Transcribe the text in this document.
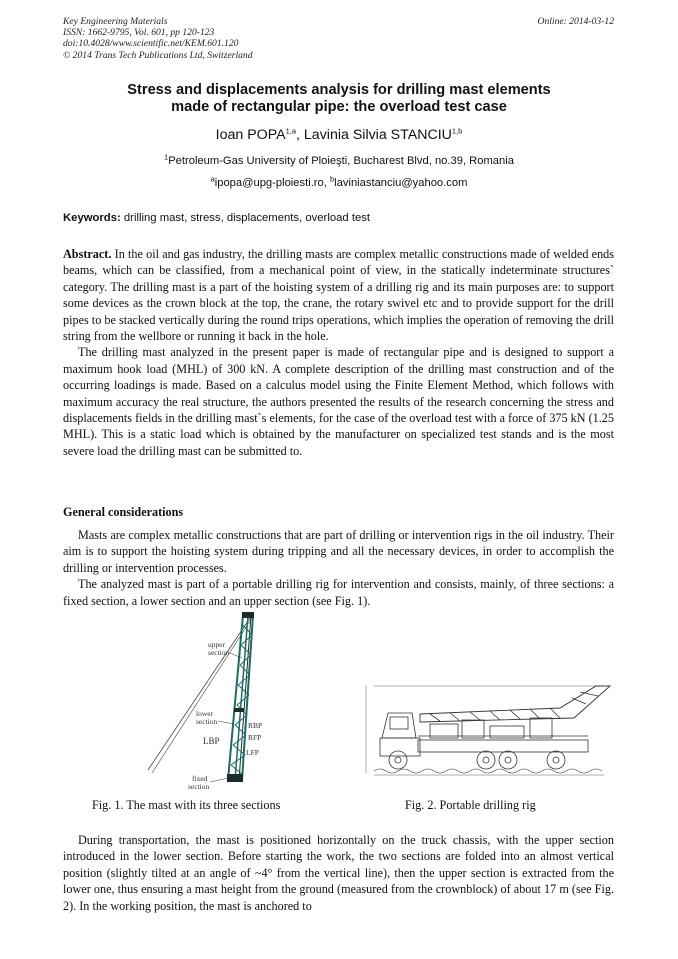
Key Engineering Materials
ISSN: 1662-9795, Vol. 601, pp 120-123
doi:10.4028/www.scientific.net/KEM.601.120
© 2014 Trans Tech Publications Ltd, Switzerland
Online: 2014-03-12
Stress and displacements analysis for drilling mast elements
made of rectangular pipe: the overload test case
Ioan POPA$^{1,a}$, Lavinia Silvia STANCIU$^{1,b}$
$^1$Petroleum-Gas University of Ploieşti, Bucharest Blvd, no.39, Romania
$^a$ipopa@upg-ploiesti.ro, $^b$laviniastanciu@yahoo.com
Keywords: drilling mast, stress, displacements, overload test

Abstract. In the oil and gas industry, the drilling masts are complex metallic constructions made of welded ends beams, which can be classified, from a mechanical point of view, in the statically indeterminate structures` category. The drilling mast is a part of the hoisting system of a drilling rig and its main purposes are: to support some devices as the crown block at the top, the crane, the rotary swivel etc and to provide support for the drill pipes to be stacked vertically during the round trips operations, which implies the operation of removing the drill string from the wellbore or running it back in the hole.

The drilling mast analyzed in the present paper is made of rectangular pipe and is designed to support a maximum hook load (MHL) of 300 kN. A complete description of the drilling mast construction and of the occurring loadings is made. Based on a calculus model using the Finite Element Method, which follows with maximum accuracy the real structure, the authors presented the results of the research concerning the stress and displacements fields in the drilling mast`s elements, for the case of the overload test with a force of 375 kN (1.25 MHL). This is a static load which is obtained by the manufacturer on specialized test stands and is the most severe load the drilling mast can be submitted to.

General considerations

Masts are complex metallic constructions that are part of drilling or intervention rigs in the oil industry. Their aim is to support the hoisting system during tripping and all the necessary devices, in order to accomplish the drilling or intervention processes.

The analyzed mast is part of a portable drilling rig for intervention and consists, mainly, of three sections: a fixed section, a lower section and an upper section (see Fig. 1).

upper
section
lower
section	RBP
RFP
LBP
LFP
fixed
section
Fig. 1. The mast with its three sections	Fig. 2. Portable drilling rig

During transportation, the mast is positioned horizontally on the truck chassis, with the upper section introduced in the lower section. Before starting the work, the two sections are folded into an almost vertical position (slightly tilted at an angle of ~4° from the vertical line), then the upper section is extracted from the lower one, thus ensuring a mast height from the ground (measured from the crownblock) of about 17 m (see Fig. 2). In the working position, the mast is anchored to
